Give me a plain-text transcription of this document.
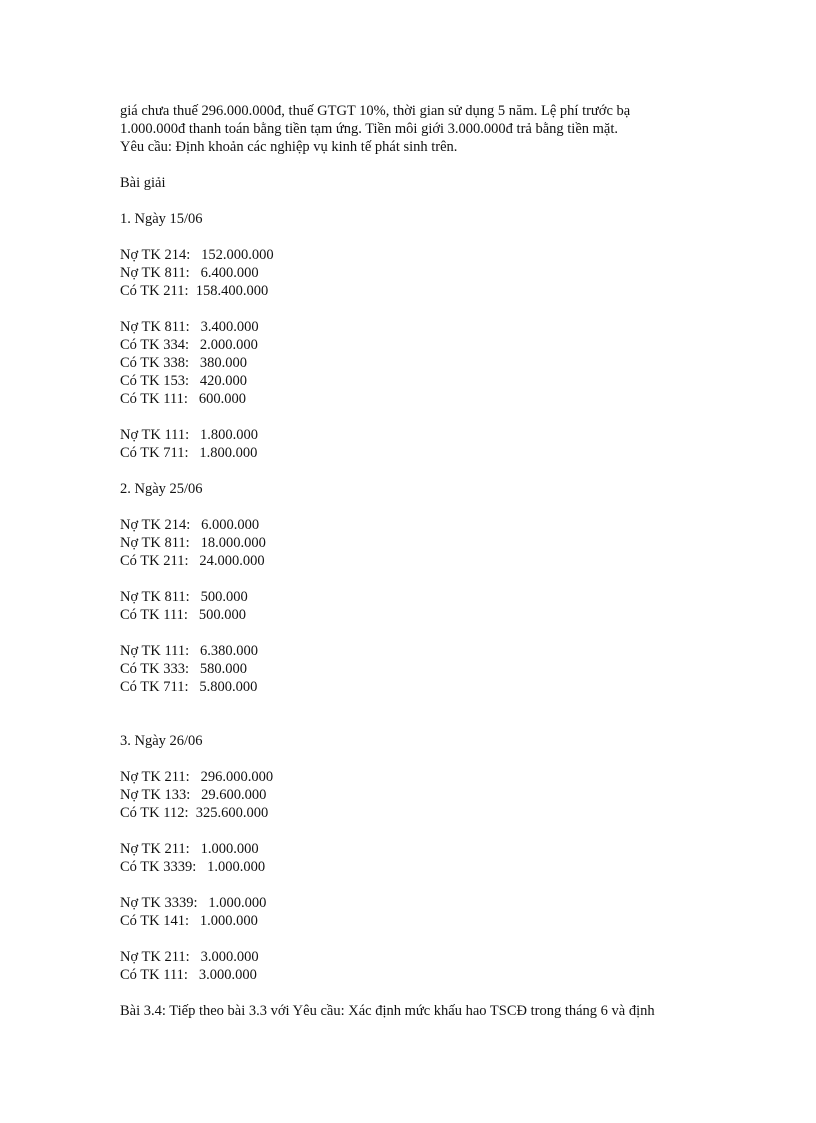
giá chưa thuế 296.000.000đ, thuế GTGT 10%, thời gian sử dụng 5 năm. Lệ phí trước bạ
1.000.000đ thanh toán bằng tiền tạm ứng. Tiền môi giới 3.000.000đ trả bằng tiền mặt.
Yêu cầu: Định khoản các nghiệp vụ kinh tế phát sinh trên.
Bài giải
1. Ngày 15/06
Nợ TK 214:   152.000.000
Nợ TK 811:   6.400.000
Có TK 211:  158.400.000
Nợ TK 811:   3.400.000
Có TK 334:   2.000.000
Có TK 338:   380.000
Có TK 153:   420.000
Có TK 111:   600.000
Nợ TK 111:   1.800.000
Có TK 711:   1.800.000
2. Ngày 25/06
Nợ TK 214:   6.000.000
Nợ TK 811:   18.000.000
Có TK 211:   24.000.000
Nợ TK 811:   500.000
Có TK 111:   500.000
Nợ TK 111:   6.380.000
Có TK 333:   580.000
Có TK 711:   5.800.000
3. Ngày 26/06
Nợ TK 211:   296.000.000
Nợ TK 133:   29.600.000
Có TK 112:  325.600.000
Nợ TK 211:   1.000.000
Có TK 3339:   1.000.000
Nợ TK 3339:   1.000.000
Có TK 141:   1.000.000
Nợ TK 211:   3.000.000
Có TK 111:   3.000.000
Bài 3.4: Tiếp theo bài 3.3 với Yêu cầu: Xác định mức khấu hao TSCĐ trong tháng 6 và định
